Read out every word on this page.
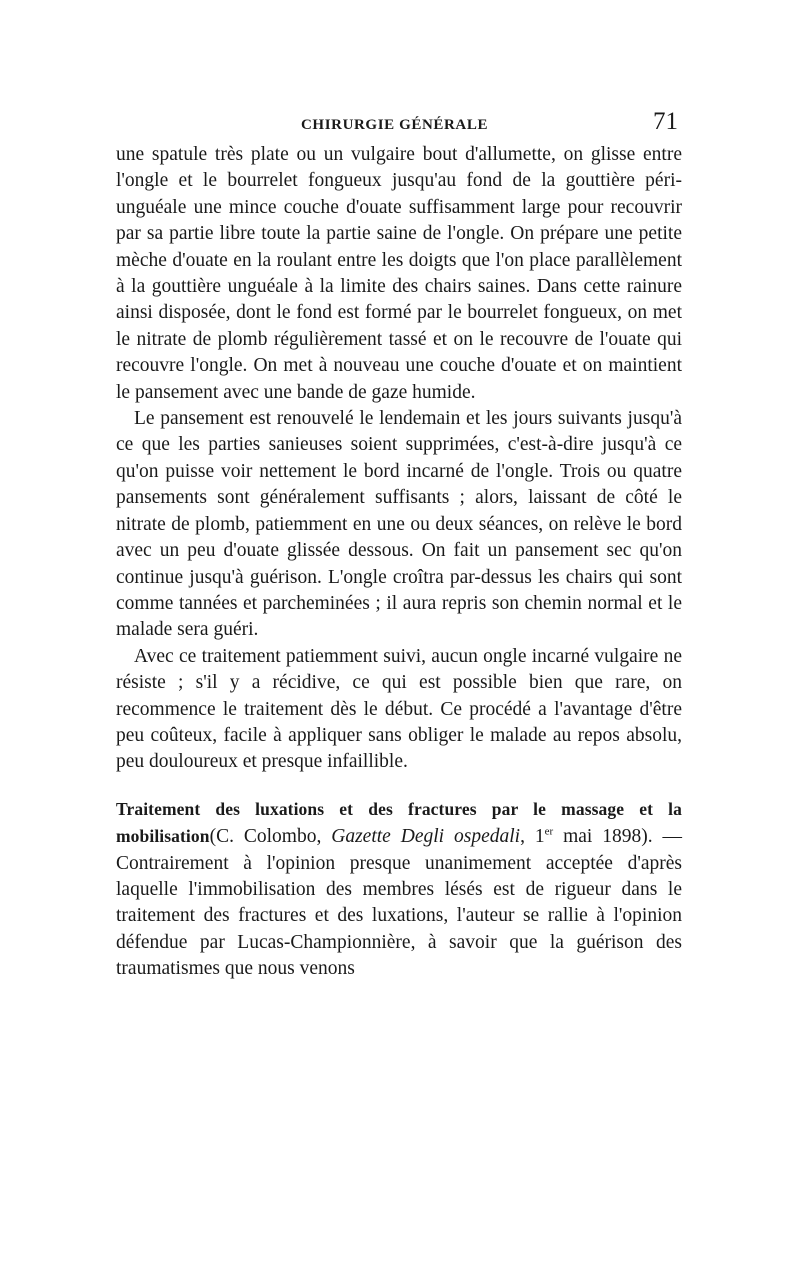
CHIRURGIE GÉNÉRALE	71

une spatule très plate ou un vulgaire bout d'allumette, on glisse entre l'ongle et le bourrelet fongueux jusqu'au fond de la gouttière péri-unguéale une mince couche d'ouate suffisamment large pour recouvrir par sa partie libre toute la partie saine de l'ongle. On prépare une petite mèche d'ouate en la roulant entre les doigts que l'on place parallèlement à la gouttière unguéale à la limite des chairs saines. Dans cette rainure ainsi disposée, dont le fond est formé par le bourrelet fongueux, on met le nitrate de plomb régulièrement tassé et on le recouvre de l'ouate qui recouvre l'ongle. On met à nouveau une couche d'ouate et on maintient le pansement avec une bande de gaze humide.

Le pansement est renouvelé le lendemain et les jours suivants jusqu'à ce que les parties sanieuses soient supprimées, c'est-à-dire jusqu'à ce qu'on puisse voir nettement le bord incarné de l'ongle. Trois ou quatre pansements sont généralement suffisants ; alors, laissant de côté le nitrate de plomb, patiemment en une ou deux séances, on relève le bord avec un peu d'ouate glissée dessous. On fait un pansement sec qu'on continue jusqu'à guérison. L'ongle croîtra par-dessus les chairs qui sont comme tannées et parcheminées ; il aura repris son chemin normal et le malade sera guéri.

Avec ce traitement patiemment suivi, aucun ongle incarné vulgaire ne résiste ; s'il y a récidive, ce qui est possible bien que rare, on recommence le traitement dès le début. Ce procédé a l'avantage d'être peu coûteux, facile à appliquer sans obliger le malade au repos absolu, peu douloureux et presque infaillible.

Traitement des luxations et des fractures par le massage et la mobilisation(C. Colombo, Gazette Degli ospedali, 1er mai 1898). — Contrairement à l'opinion presque unanimement acceptée d'après laquelle l'immobilisation des membres lésés est de rigueur dans le traitement des fractures et des luxations, l'auteur se rallie à l'opinion défendue par Lucas-Championnière, à savoir que la guérison des traumatismes que nous venons
